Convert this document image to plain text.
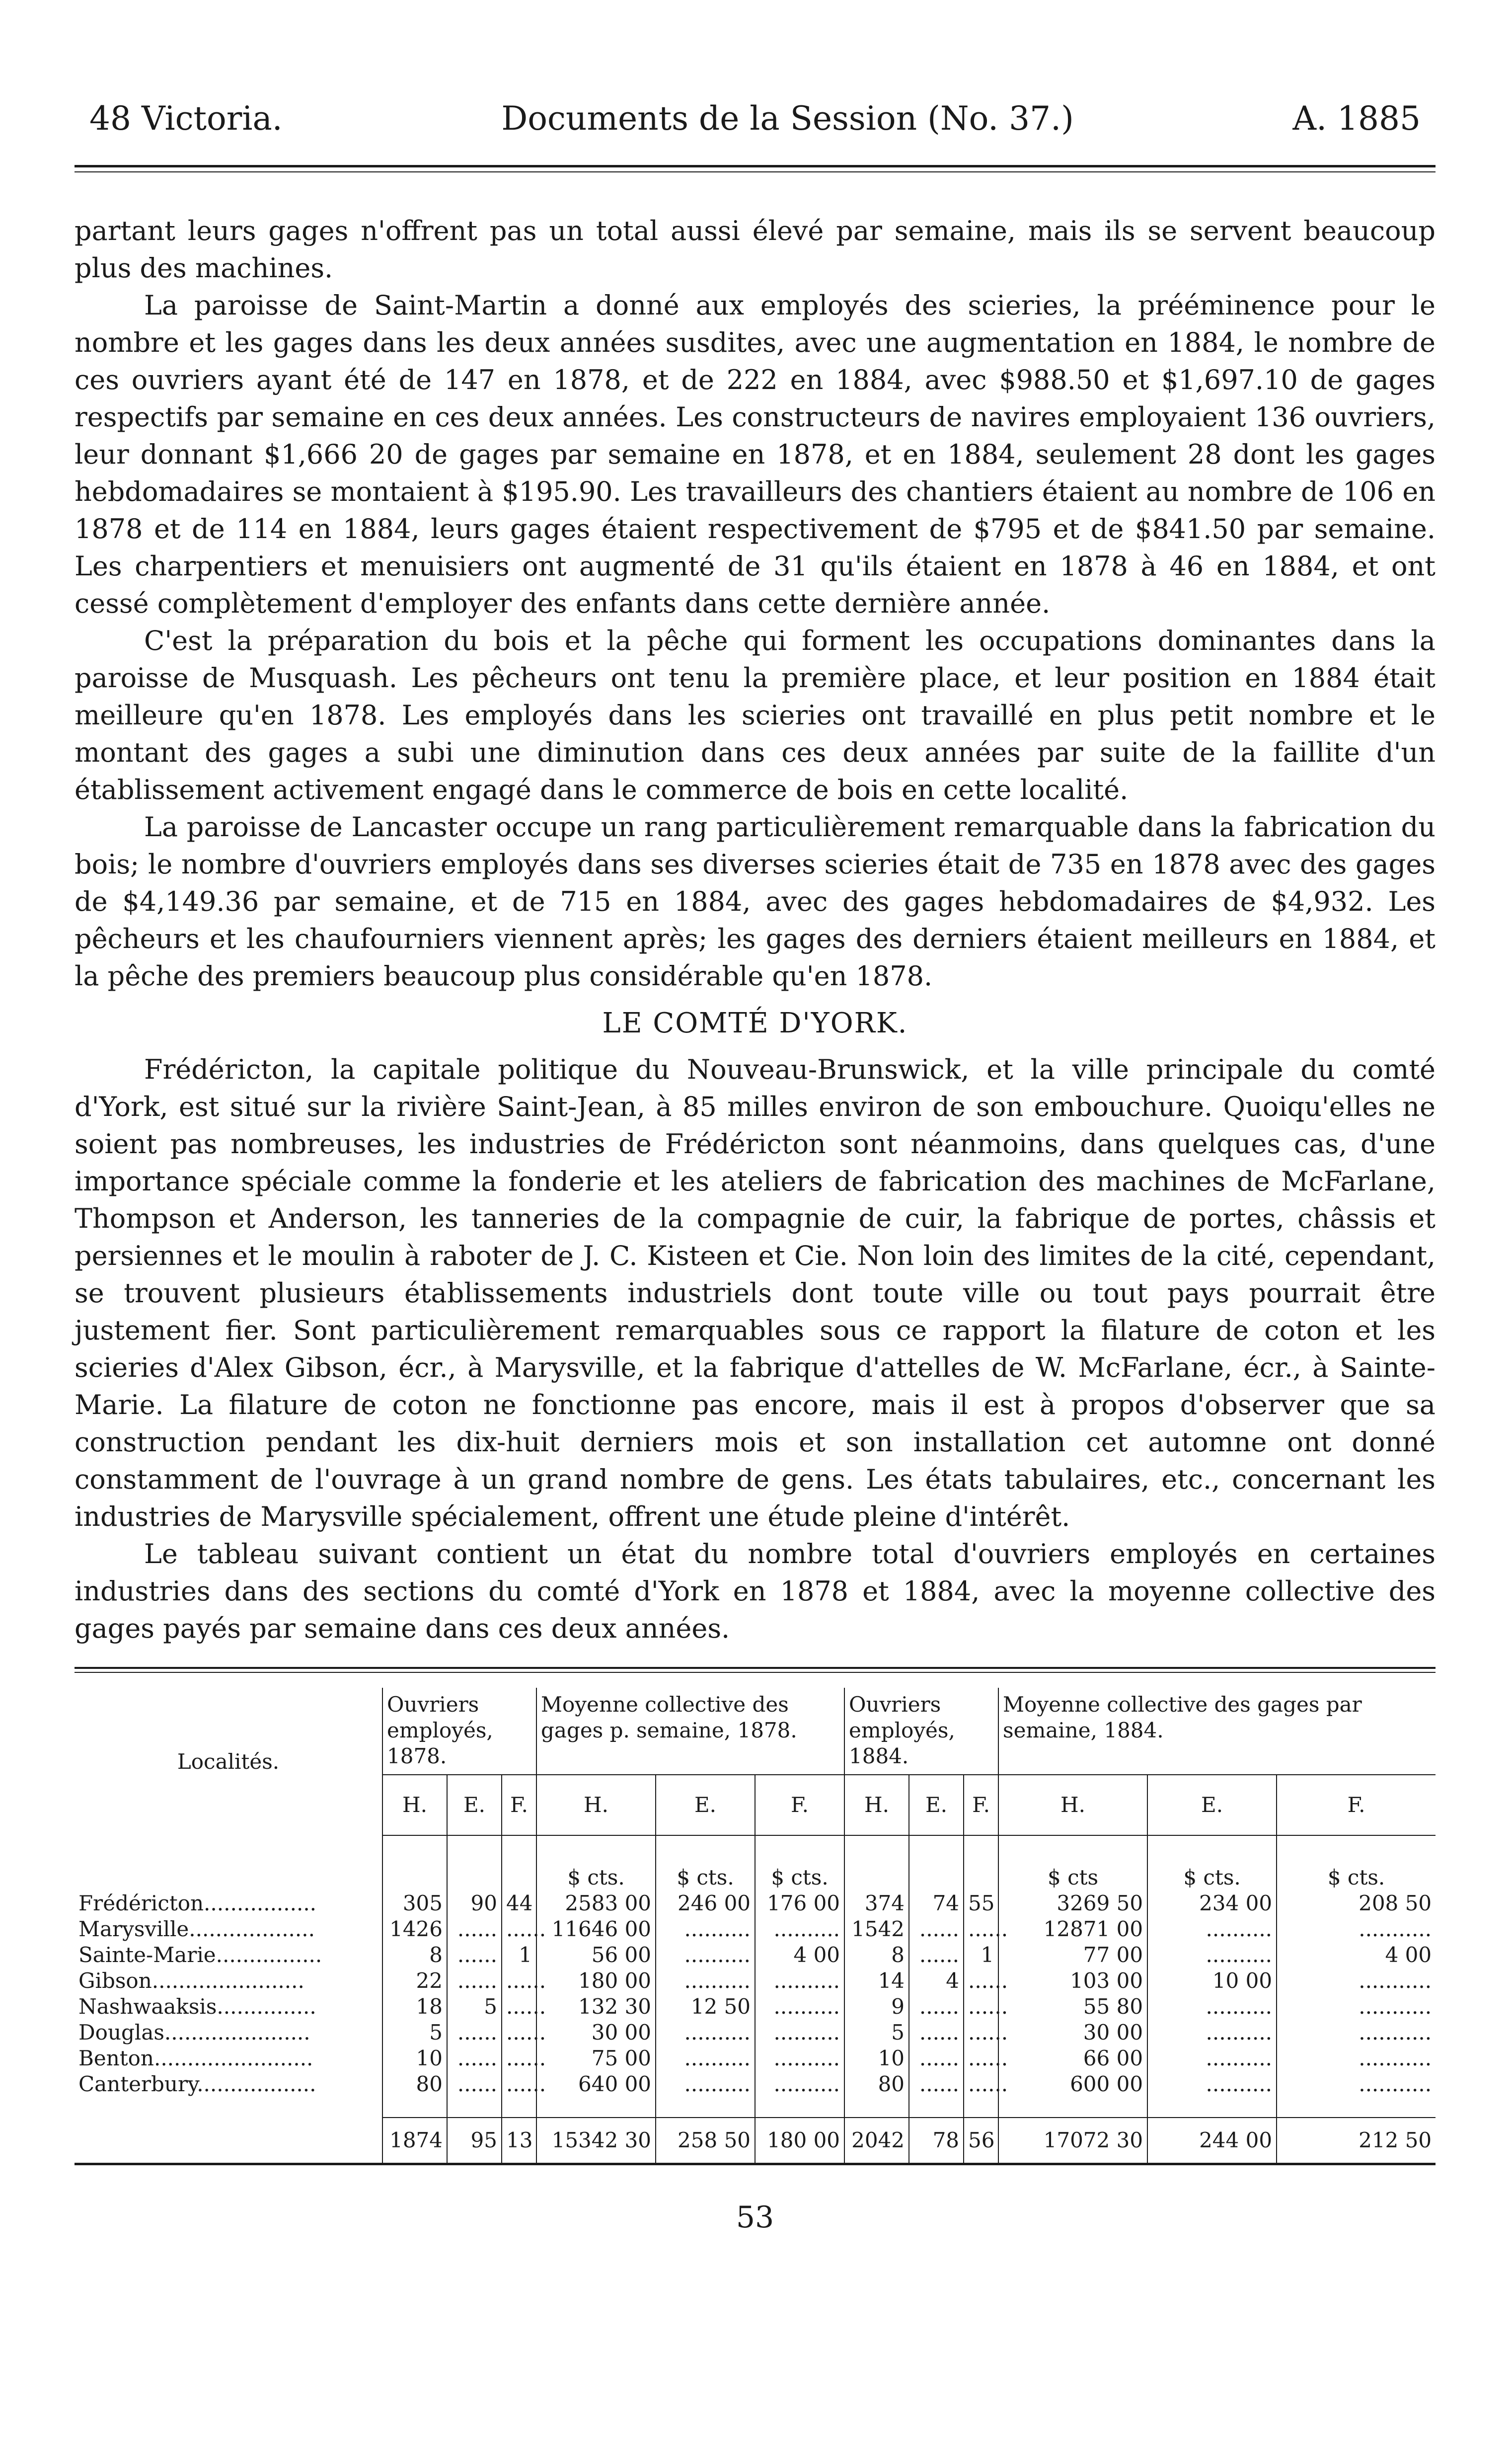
48 Victoria.	Documents de la Session (No. 37.)	A. 1885

partant leurs gages n'offrent pas un total aussi élevé par semaine, mais ils se servent beaucoup plus des machines.

La paroisse de Saint-Martin a donné aux employés des scieries, la prééminence pour le nombre et les gages dans les deux années susdites, avec une augmentation en 1884, le nombre de ces ouvriers ayant été de 147 en 1878, et de 222 en 1884, avec $988.50 et $1,697.10 de gages respectifs par semaine en ces deux années. Les constructeurs de navires employaient 136 ouvriers, leur donnant $1,666 20 de gages par semaine en 1878, et en 1884, seulement 28 dont les gages hebdomadaires se montaient à $195.90. Les travailleurs des chantiers étaient au nombre de 106 en 1878 et de 114 en 1884, leurs gages étaient respectivement de $795 et de $841.50 par semaine. Les charpentiers et menuisiers ont augmenté de 31 qu'ils étaient en 1878 à 46 en 1884, et ont cessé complètement d'employer des enfants dans cette dernière année.

C'est la préparation du bois et la pêche qui forment les occupations dominantes dans la paroisse de Musquash. Les pêcheurs ont tenu la première place, et leur position en 1884 était meilleure qu'en 1878. Les employés dans les scieries ont travaillé en plus petit nombre et le montant des gages a subi une diminution dans ces deux années par suite de la faillite d'un établissement activement engagé dans le commerce de bois en cette localité.

La paroisse de Lancaster occupe un rang particulièrement remarquable dans la fabrication du bois; le nombre d'ouvriers employés dans ses diverses scieries était de 735 en 1878 avec des gages de $4,149.36 par semaine, et de 715 en 1884, avec des gages hebdomadaires de $4,932. Les pêcheurs et les chaufourniers viennent après; les gages des derniers étaient meilleurs en 1884, et la pêche des premiers beaucoup plus considérable qu'en 1878.

LE COMTÉ D'YORK.

Frédéricton, la capitale politique du Nouveau-Brunswick, et la ville principale du comté d'York, est situé sur la rivière Saint-Jean, à 85 milles environ de son embouchure. Quoiqu'elles ne soient pas nombreuses, les industries de Frédéricton sont néanmoins, dans quelques cas, d'une importance spéciale comme la fonderie et les ateliers de fabrication des machines de McFarlane, Thompson et Anderson, les tanneries de la compagnie de cuir, la fabrique de portes, châssis et persiennes et le moulin à raboter de J. C. Kisteen et Cie. Non loin des limites de la cité, cependant, se trouvent plusieurs établissements industriels dont toute ville ou tout pays pourrait être justement fier. Sont particulièrement remarquables sous ce rapport la filature de coton et les scieries d'Alex Gibson, écr., à Marysville, et la fabrique d'attelles de W. McFarlane, écr., à Sainte-Marie. La filature de coton ne fonctionne pas encore, mais il est à propos d'observer que sa construction pendant les dix-huit derniers mois et son installation cet automne ont donné constamment de l'ouvrage à un grand nombre de gens. Les états tabulaires, etc., concernant les industries de Marysville spécialement, offrent une étude pleine d'intérêt.

Le tableau suivant contient un état du nombre total d'ouvriers employés en certaines industries dans des sections du comté d'York en 1878 et 1884, avec la moyenne collective des gages payés par semaine dans ces deux années.

Localités.	Ouvriers employés, 1878.			Moyenne collective des gages p. semaine, 1878.			Ouvriers employés, 1884.			Moyenne collective des gages par semaine, 1884.		
	H.	E.	F.	H.	E.	F.	H.	E.	F.	H.	E.	F.
				$ cts.	$ cts.	$ cts.				$ cts	$ cts.	$ cts.
Frédéricton.................	305	90	44	2583 00	246 00	176 00	374	74	55	3269 50	234 00	208 50
Marysville...................	1426	......	......	11646 00	..........	..........	1542	......	......	12871 00	..........	...........
Sainte-Marie................	8	......	1	56 00	..........	4 00	8	......	1	77 00	..........	4 00
Gibson.......................	22	......	......	180 00	..........	..........	14	4	......	103 00	10 00	...........
Nashwaaksis...............	18	5	......	132 30	12 50	..........	9	......	......	55 80	..........	...........
Douglas......................	5	......	......	30 00	..........	..........	5	......	......	30 00	..........	...........
Benton........................	10	......	......	75 00	..........	..........	10	......	......	66 00	..........	...........
Canterbury..................	80	......	......	640 00	..........	..........	80	......	......	600 00	..........	...........

	1874	95	13	15342 30	258 50	180 00	2042	78	56	17072 30	244 00	212 50
53
